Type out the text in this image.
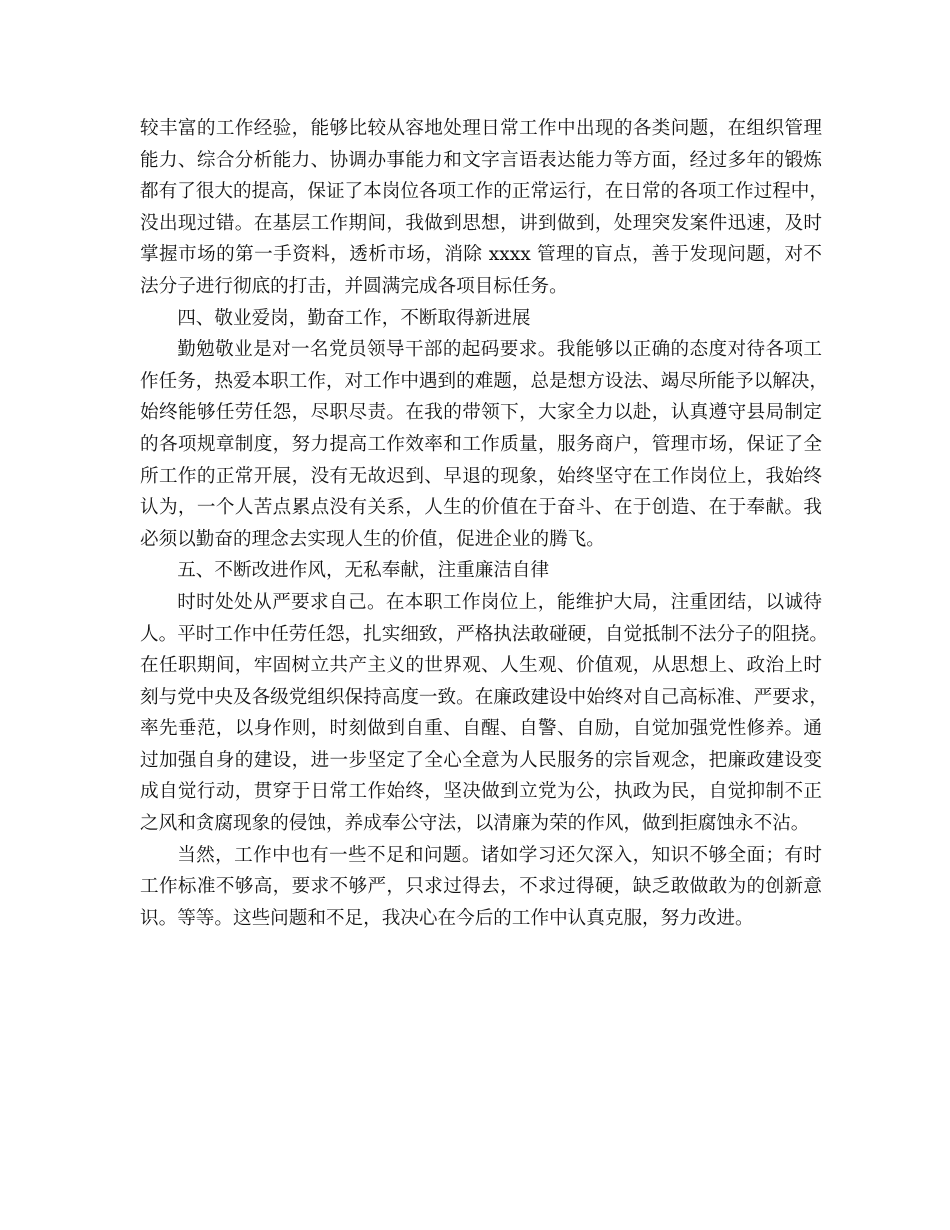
较丰富的工作经验，能够比较从容地处理日常工作中出现的各类问题，在组织管理
能力、综合分析能力、协调办事能力和文字言语表达能力等方面，经过多年的锻炼
都有了很大的提高，保证了本岗位各项工作的正常运行，在日常的各项工作过程中，
没出现过错。在基层工作期间，我做到思想，讲到做到，处理突发案件迅速，及时
掌握市场的第一手资料，透析市场，消除 xxxx 管理的盲点，善于发现问题，对不
法分子进行彻底的打击，并圆满完成各项目标任务。

四、敬业爱岗，勤奋工作，不断取得新进展

勤勉敬业是对一名党员领导干部的起码要求。我能够以正确的态度对待各项工

作任务，热爱本职工作，对工作中遇到的难题，总是想方设法、竭尽所能予以解决，
始终能够任劳任怨，尽职尽责。在我的带领下，大家全力以赴，认真遵守县局制定
的各项规章制度，努力提高工作效率和工作质量，服务商户，管理市场，保证了全
所工作的正常开展，没有无故迟到、早退的现象，始终坚守在工作岗位上，我始终
认为，一个人苦点累点没有关系，人生的价值在于奋斗、在于创造、在于奉献。我
必须以勤奋的理念去实现人生的价值，促进企业的腾飞。

五、不断改进作风，无私奉献，注重廉洁自律

时时处处从严要求自己。在本职工作岗位上，能维护大局，注重团结，以诚待

人。平时工作中任劳任怨，扎实细致，严格执法敢碰硬，自觉抵制不法分子的阻挠。
在任职期间，牢固树立共产主义的世界观、人生观、价值观，从思想上、政治上时
刻与党中央及各级党组织保持高度一致。在廉政建设中始终对自己高标准、严要求，
率先垂范，以身作则，时刻做到自重、自醒、自警、自励，自觉加强党性修养。通
过加强自身的建设，进一步坚定了全心全意为人民服务的宗旨观念，把廉政建设变
成自觉行动，贯穿于日常工作始终，坚决做到立党为公，执政为民，自觉抑制不正
之风和贪腐现象的侵蚀，养成奉公守法，以清廉为荣的作风，做到拒腐蚀永不沾。

当然，工作中也有一些不足和问题。诸如学习还欠深入，知识不够全面；有时

工作标准不够高，要求不够严，只求过得去，不求过得硬，缺乏敢做敢为的创新意
识。等等。这些问题和不足，我决心在今后的工作中认真克服，努力改进。
